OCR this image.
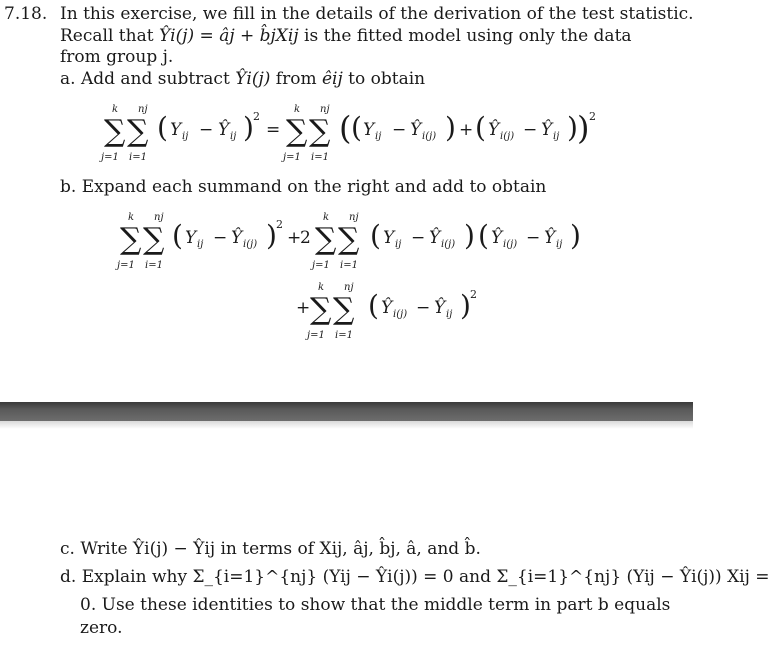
7.18. In this exercise, we fill in the details of the derivation of the test statistic.
Recall that Ŷi(j) = âj + b̂jXij is the fitted model using only the data
from group j.
a. Add and subtract Ŷi(j) from êij to obtain
k nj
∑ ∑
j=1 i=1
( Y ij − Ŷ ij ) 2
=
k nj
∑ ∑
j=1 i=1
( ( Y ij − Ŷ i(j) ) + ( Ŷ i(j) − Ŷ ij ) ) 2
b. Expand each summand on the right and add to obtain
k nj
∑ ∑
j=1 i=1
( Y ij − Ŷ i(j) ) 2
+
2
k nj
∑ ∑
j=1 i=1
( Y ij − Ŷ i(j) ) ( Ŷ i(j) − Ŷ ij )
+
k nj
∑ ∑
j=1 i=1
( Ŷ i(j) − Ŷ ij ) 2
c. Write Ŷi(j) − Ŷij in terms of Xij, âj, b̂j, â, and b̂.
d. Explain why Σ_{i=1}^{nj} (Yij − Ŷi(j)) = 0 and Σ_{i=1}^{nj} (Yij − Ŷi(j)) Xij =
0. Use these identities to show that the middle term in part b equals
zero.
